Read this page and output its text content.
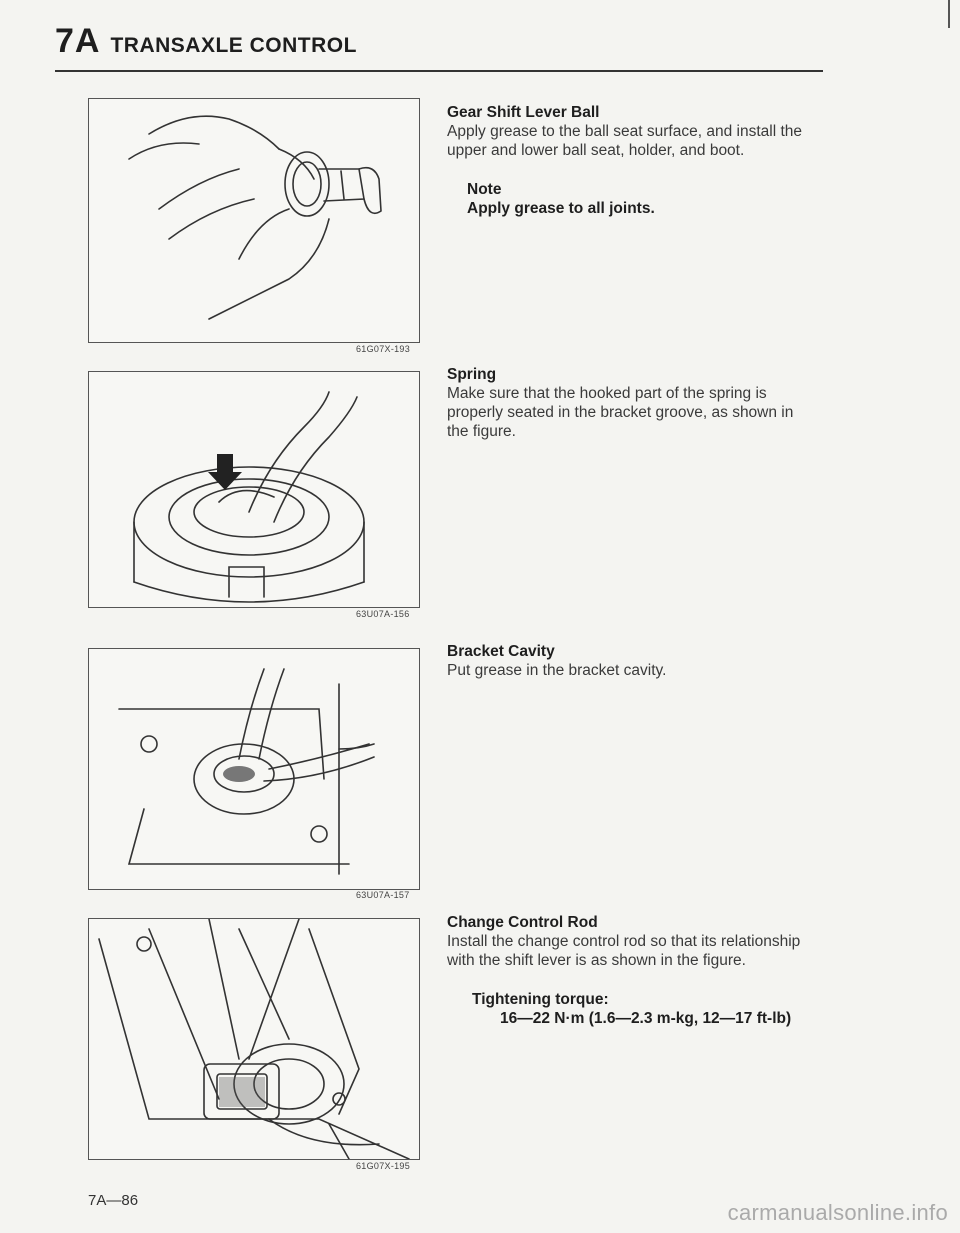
7A TRANSAXLE CONTROL
61G07X-193
63U07A-156
63U07A-157
61G07X-195
Gear Shift Lever Ball
Apply grease to the ball seat surface, and install the
upper and lower ball seat, holder, and boot.
Note
Apply grease to all joints.
Spring
Make sure that the hooked part of the spring is
properly seated in the bracket groove, as shown in
the figure.
Bracket Cavity
Put grease in the bracket cavity.
Change Control Rod
Install the change control rod so that its relationship
with the shift lever is as shown in the figure.
Tightening torque:
16—22 N·m (1.6—2.3 m-kg, 12—17 ft-lb)
7A—86	carmanualsonline.info
